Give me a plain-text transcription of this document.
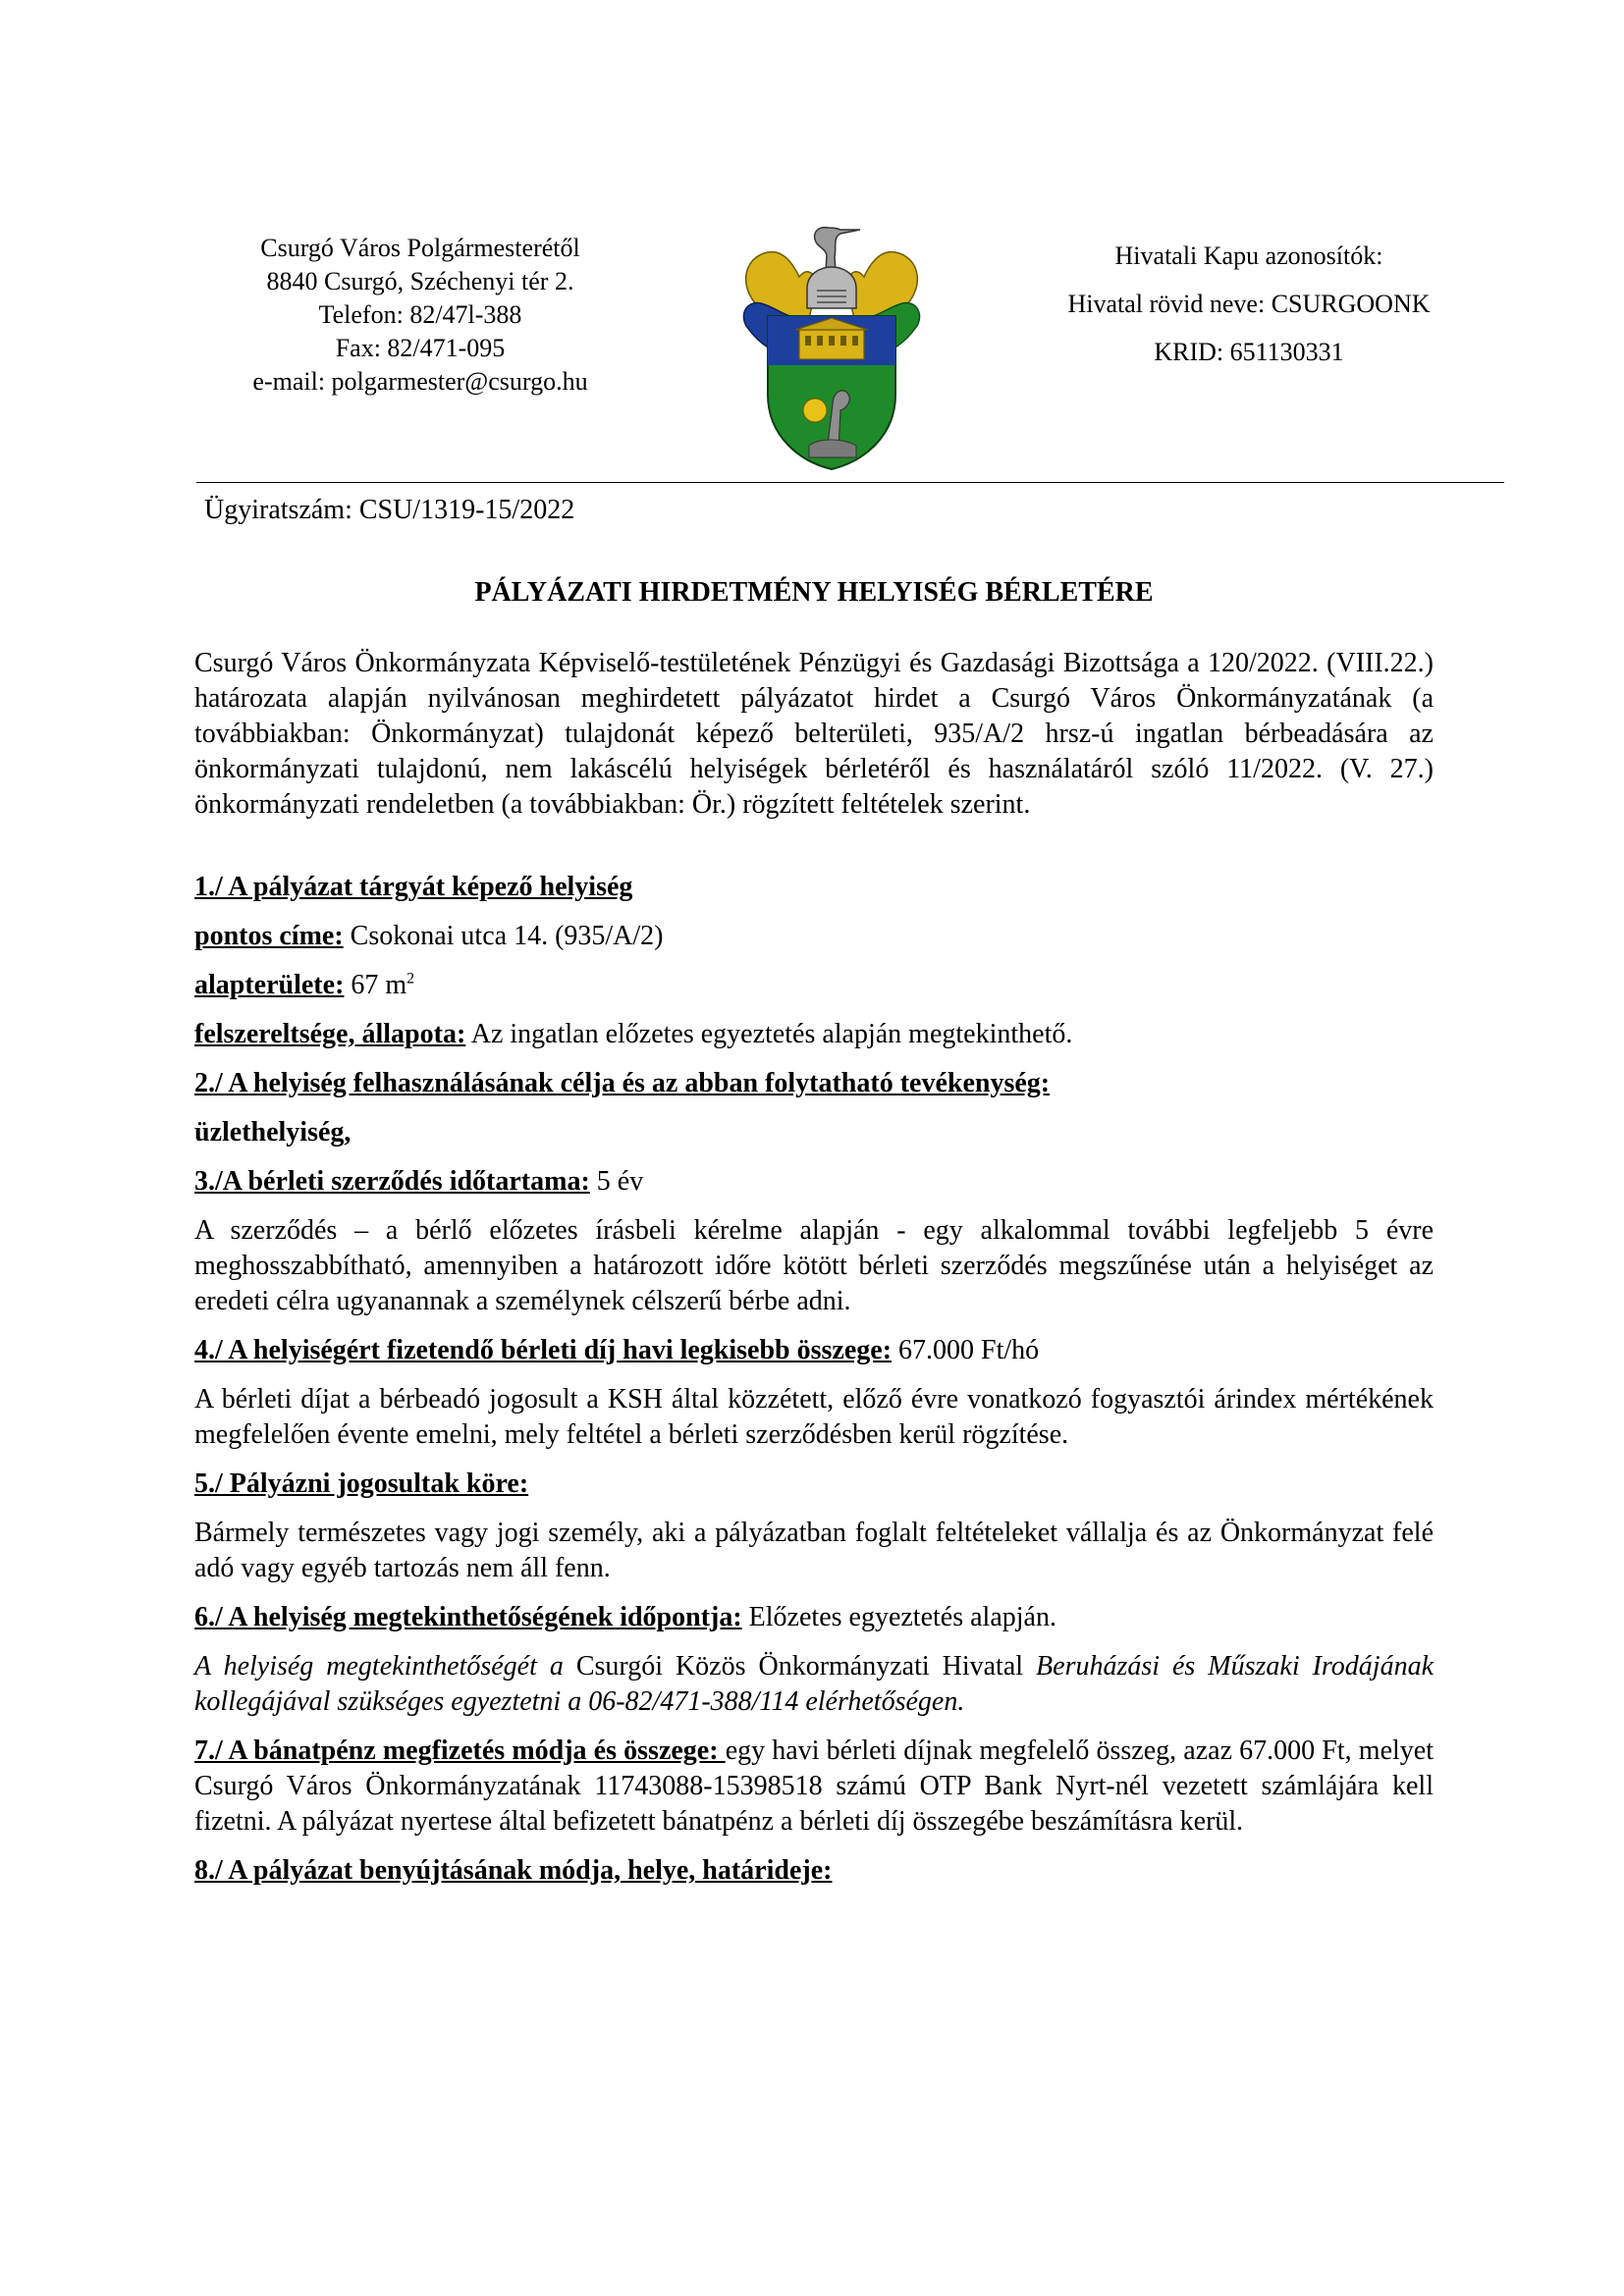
Csurgó Város Polgármesterétől
8840 Csurgó, Széchenyi tér 2.
Telefon: 82/47l-388
Fax: 82/471-095
e-mail: polgarmester@csurgo.hu
Hivatali Kapu azonosítók:
Hivatal rövid neve: CSURGOONK
KRID: 651130331
Ügyiratszám: CSU/1319-15/2022
PÁLYÁZATI HIRDETMÉNY HELYISÉG BÉRLETÉRE

Csurgó Város Önkormányzata Képviselő-testületének Pénzügyi és Gazdasági Bizottsága a 120/2022. (VIII.22.) határozata alapján nyilvánosan meghirdetett pályázatot hirdet a Csurgó Város Önkormányzatának (a továbbiakban: Önkormányzat) tulajdonát képező belterületi, 935/A/2 hrsz-ú ingatlan bérbeadására az önkormányzati tulajdonú, nem lakáscélú helyiségek bérletéről és használatáról szóló 11/2022. (V. 27.) önkormányzati rendeletben (a továbbiakban: Ör.) rögzített feltételek szerint.

1./ A pályázat tárgyát képező helyiség

pontos címe: Csokonai utca 14. (935/A/2)

alapterülete: 67 $m^2$

felszereltsége, állapota: Az ingatlan előzetes egyeztetés alapján megtekinthető.

2./ A helyiség felhasználásának célja és az abban folytatható tevékenység:

üzlethelyiség,

3./A bérleti szerződés időtartama: 5 év

A szerződés – a bérlő előzetes írásbeli kérelme alapján - egy alkalommal további legfeljebb 5 évre meghosszabbítható, amennyiben a határozott időre kötött bérleti szerződés megszűnése után a helyiséget az eredeti célra ugyanannak a személynek célszerű bérbe adni.

4./ A helyiségért fizetendő bérleti díj havi legkisebb összege: 67.000 Ft/hó

A bérleti díjat a bérbeadó jogosult a KSH által közzétett, előző évre vonatkozó fogyasztói árindex mértékének megfelelően évente emelni, mely feltétel a bérleti szerződésben kerül rögzítése.

5./ Pályázni jogosultak köre:

Bármely természetes vagy jogi személy, aki a pályázatban foglalt feltételeket vállalja és az Önkormányzat felé adó vagy egyéb tartozás nem áll fenn.

6./ A helyiség megtekinthetőségének időpontja: Előzetes egyeztetés alapján.

A helyiség megtekinthetőségét a Csurgói Közös Önkormányzati Hivatal Beruházási és Műszaki Irodájának kollegájával szükséges egyeztetni a 06-82/471-388/114 elérhetőségen.

7./ A bánatpénz megfizetés módja és összege: egy havi bérleti díjnak megfelelő összeg, azaz 67.000 Ft, melyet Csurgó Város Önkormányzatának 11743088-15398518 számú OTP Bank Nyrt-nél vezetett számlájára kell fizetni. A pályázat nyertese által befizetett bánatpénz a bérleti díj összegébe beszámításra kerül.

8./ A pályázat benyújtásának módja, helye, határideje:
